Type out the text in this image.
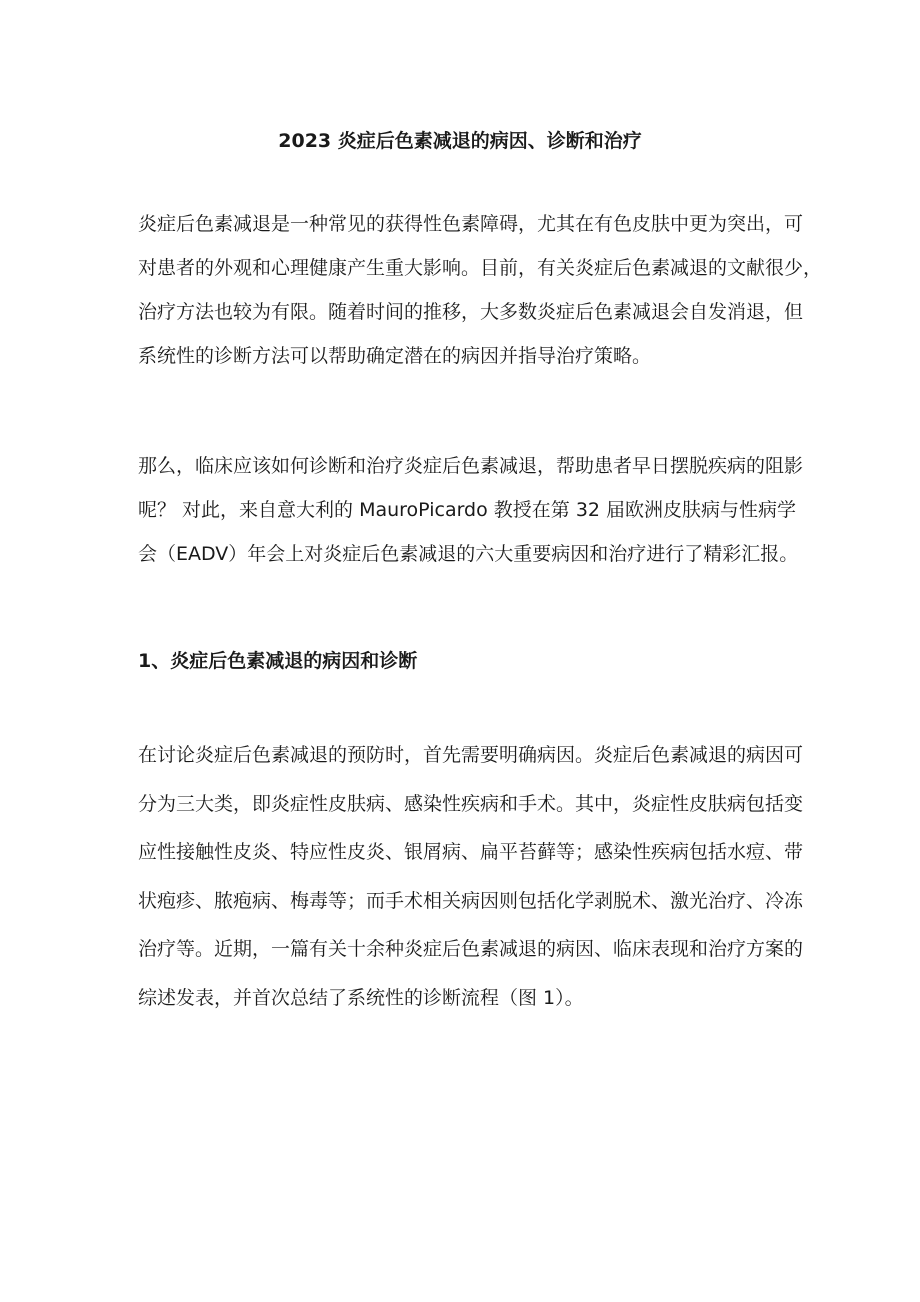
2023 炎症后色素减退的病因、诊断和治疗
炎症后色素减退是一种常见的获得性色素障碍，尤其在有色皮肤中更为突出，可
对患者的外观和心理健康产生重大影响。目前，有关炎症后色素减退的文献很少，
治疗方法也较为有限。随着时间的推移，大多数炎症后色素减退会自发消退，但
系统性的诊断方法可以帮助确定潜在的病因并指导治疗策略。
那么，临床应该如何诊断和治疗炎症后色素减退，帮助患者早日摆脱疾病的阻影
呢？ 对此，来自意大利的 MauroPicardo 教授在第 32 届欧洲皮肤病与性病学
会（EADV）年会上对炎症后色素减退的六大重要病因和治疗进行了精彩汇报。
1、炎症后色素减退的病因和诊断
在讨论炎症后色素减退的预防时，首先需要明确病因。炎症后色素减退的病因可
分为三大类，即炎症性皮肤病、感染性疾病和手术。其中，炎症性皮肤病包括变
应性接触性皮炎、特应性皮炎、银屑病、扁平苔藓等；感染性疾病包括水痘、带
状疱疹、脓疱病、梅毒等；而手术相关病因则包括化学剥脱术、激光治疗、冷冻
治疗等。近期，一篇有关十余种炎症后色素减退的病因、临床表现和治疗方案的
综述发表，并首次总结了系统性的诊断流程（图 1）。
